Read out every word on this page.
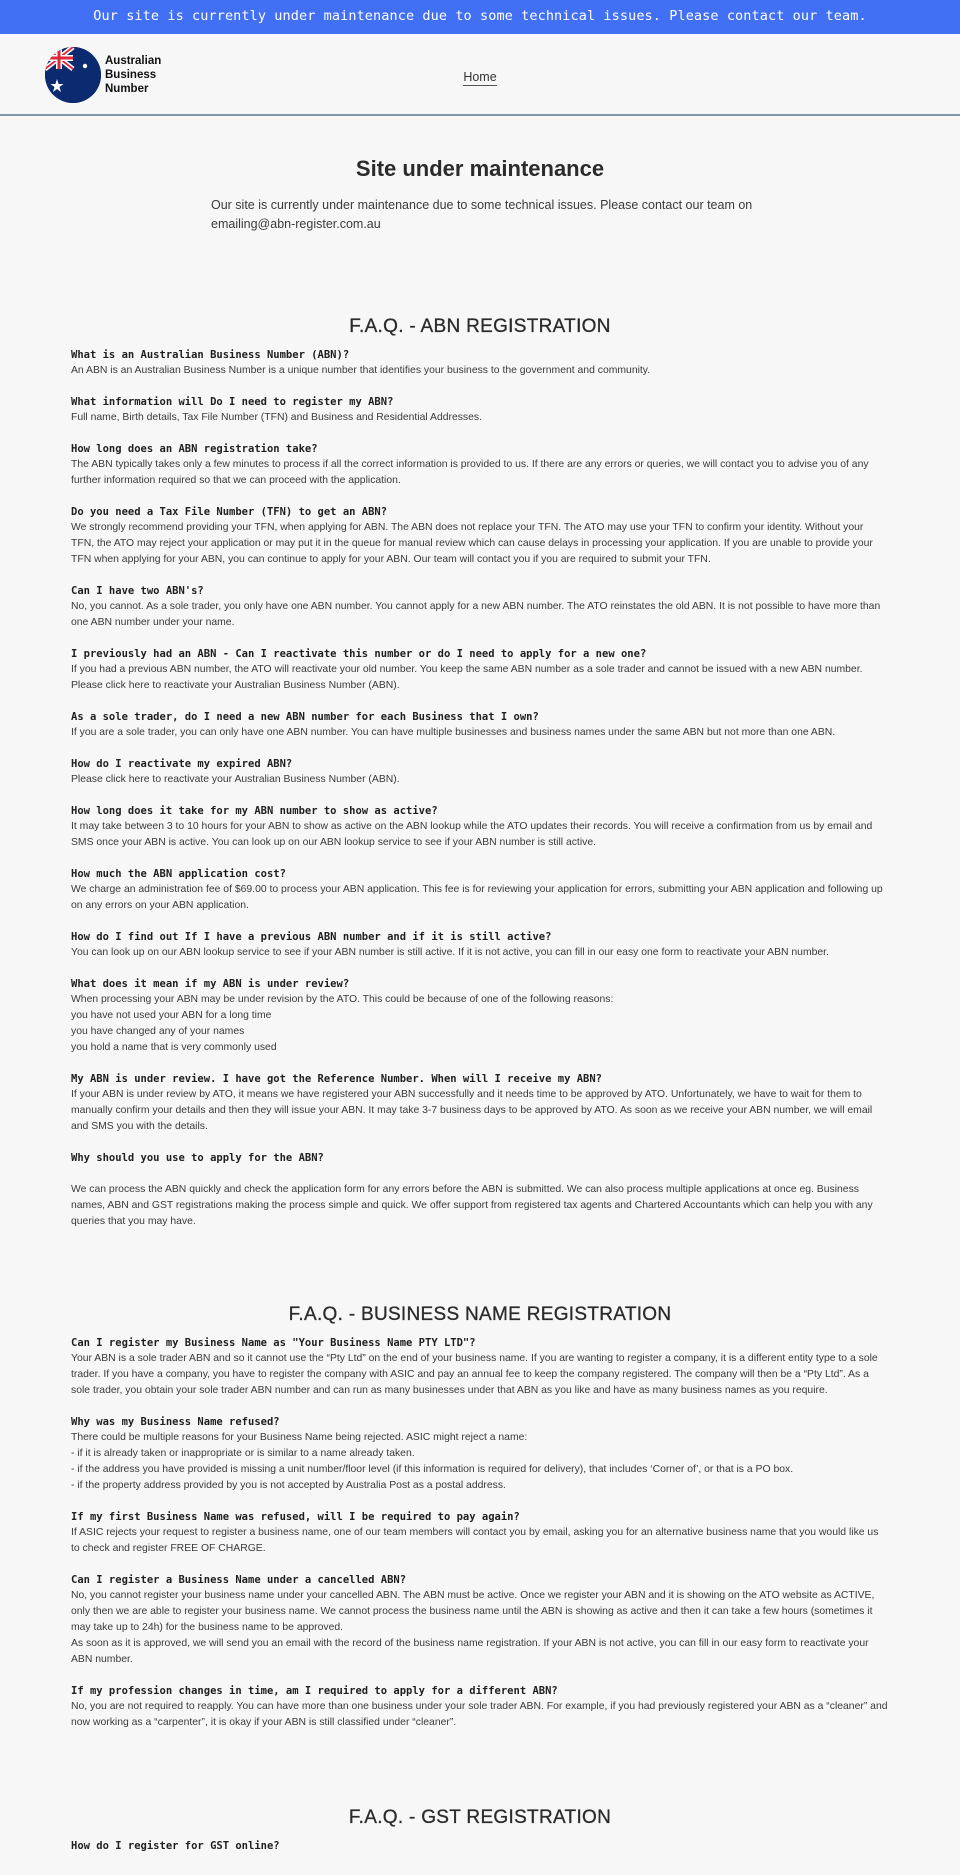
Our site is currently under maintenance due to some technical issues. Please contact our team.
Australian
Business
Number
Home
Site under maintenance

Our site is currently under maintenance due to some technical issues. Please contact our team on emailing@abn-register.com.au

F.A.Q. - ABN REGISTRATION
What is an Australian Business Number (ABN)?
An ABN is an Australian Business Number is a unique number that identifies your business to the government and community.
What information will Do I need to register my ABN?
Full name, Birth details, Tax File Number (TFN) and Business and Residential Addresses.
How long does an ABN registration take?
The ABN typically takes only a few minutes to process if all the correct information is provided to us. If there are any errors or queries, we will contact you to advise you of any further information required so that we can proceed with the application.
Do you need a Tax File Number (TFN) to get an ABN?
We strongly recommend providing your TFN, when applying for ABN. The ABN does not replace your TFN. The ATO may use your TFN to confirm your identity. Without your TFN, the ATO may reject your application or may put it in the queue for manual review which can cause delays in processing your application. If you are unable to provide your TFN when applying for your ABN, you can continue to apply for your ABN. Our team will contact you if you are required to submit your TFN.
Can I have two ABN's?
No, you cannot. As a sole trader, you only have one ABN number. You cannot apply for a new ABN number. The ATO reinstates the old ABN. It is not possible to have more than one ABN number under your name.
I previously had an ABN - Can I reactivate this number or do I need to apply for a new one?
If you had a previous ABN number, the ATO will reactivate your old number. You keep the same ABN number as a sole trader and cannot be issued with a new ABN number. Please click here to reactivate your Australian Business Number (ABN).
As a sole trader, do I need a new ABN number for each Business that I own?
If you are a sole trader, you can only have one ABN number. You can have multiple businesses and business names under the same ABN but not more than one ABN.
How do I reactivate my expired ABN?
Please click here to reactivate your Australian Business Number (ABN).
How long does it take for my ABN number to show as active?
It may take between 3 to 10 hours for your ABN to show as active on the ABN lookup while the ATO updates their records. You will receive a confirmation from us by email and SMS once your ABN is active. You can look up on our ABN lookup service to see if your ABN number is still active.
How much the ABN application cost?
We charge an administration fee of $69.00 to process your ABN application. This fee is for reviewing your application for errors, submitting your ABN application and following up on any errors on your ABN application.
How do I find out If I have a previous ABN number and if it is still active?
You can look up on our ABN lookup service to see if your ABN number is still active. If it is not active, you can fill in our easy one form to reactivate your ABN number.
What does it mean if my ABN is under review?
When processing your ABN may be under revision by the ATO. This could be because of one of the following reasons:
you have not used your ABN for a long time
you have changed any of your names
you hold a name that is very commonly used
My ABN is under review. I have got the Reference Number. When will I receive my ABN?
If your ABN is under review by ATO, it means we have registered your ABN successfully and it needs time to be approved by ATO. Unfortunately, we have to wait for them to manually confirm your details and then they will issue your ABN. It may take 3-7 business days to be approved by ATO. As soon as we receive your ABN number, we will email and SMS you with the details.
Why should you use to apply for the ABN?
We can process the ABN quickly and check the application form for any errors before the ABN is submitted. We can also process multiple applications at once eg. Business names, ABN and GST registrations making the process simple and quick. We offer support from registered tax agents and Chartered Accountants which can help you with any queries that you may have.
F.A.Q. - BUSINESS NAME REGISTRATION
Can I register my Business Name as "Your Business Name PTY LTD"?
Your ABN is a sole trader ABN and so it cannot use the “Pty Ltd” on the end of your business name. If you are wanting to register a company, it is a different entity type to a sole trader. If you have a company, you have to register the company with ASIC and pay an annual fee to keep the company registered. The company will then be a “Pty Ltd”. As a sole trader, you obtain your sole trader ABN number and can run as many businesses under that ABN as you like and have as many business names as you require.
Why was my Business Name refused?
There could be multiple reasons for your Business Name being rejected. ASIC might reject a name:
- if it is already taken or inappropriate or is similar to a name already taken.
- if the address you have provided is missing a unit number/floor level (if this information is required for delivery), that includes ‘Corner of’, or that is a PO box.
- if the property address provided by you is not accepted by Australia Post as a postal address.
If my first Business Name was refused, will I be required to pay again?
If ASIC rejects your request to register a business name, one of our team members will contact you by email, asking you for an alternative business name that you would like us to check and register FREE OF CHARGE.
Can I register a Business Name under a cancelled ABN?
No, you cannot register your business name under your cancelled ABN. The ABN must be active. Once we register your ABN and it is showing on the ATO website as ACTIVE, only then we are able to register your business name. We cannot process the business name until the ABN is showing as active and then it can take a few hours (sometimes it may take up to 24h) for the business name to be approved.
As soon as it is approved, we will send you an email with the record of the business name registration. If your ABN is not active, you can fill in our easy form to reactivate your ABN number.
If my profession changes in time, am I required to apply for a different ABN?
No, you are not required to reapply. You can have more than one business under your sole trader ABN. For example, if you had previously registered your ABN as a “cleaner” and now working as a “carpenter”, it is okay if your ABN is still classified under “cleaner”.
F.A.Q. - GST REGISTRATION
How do I register for GST online?
